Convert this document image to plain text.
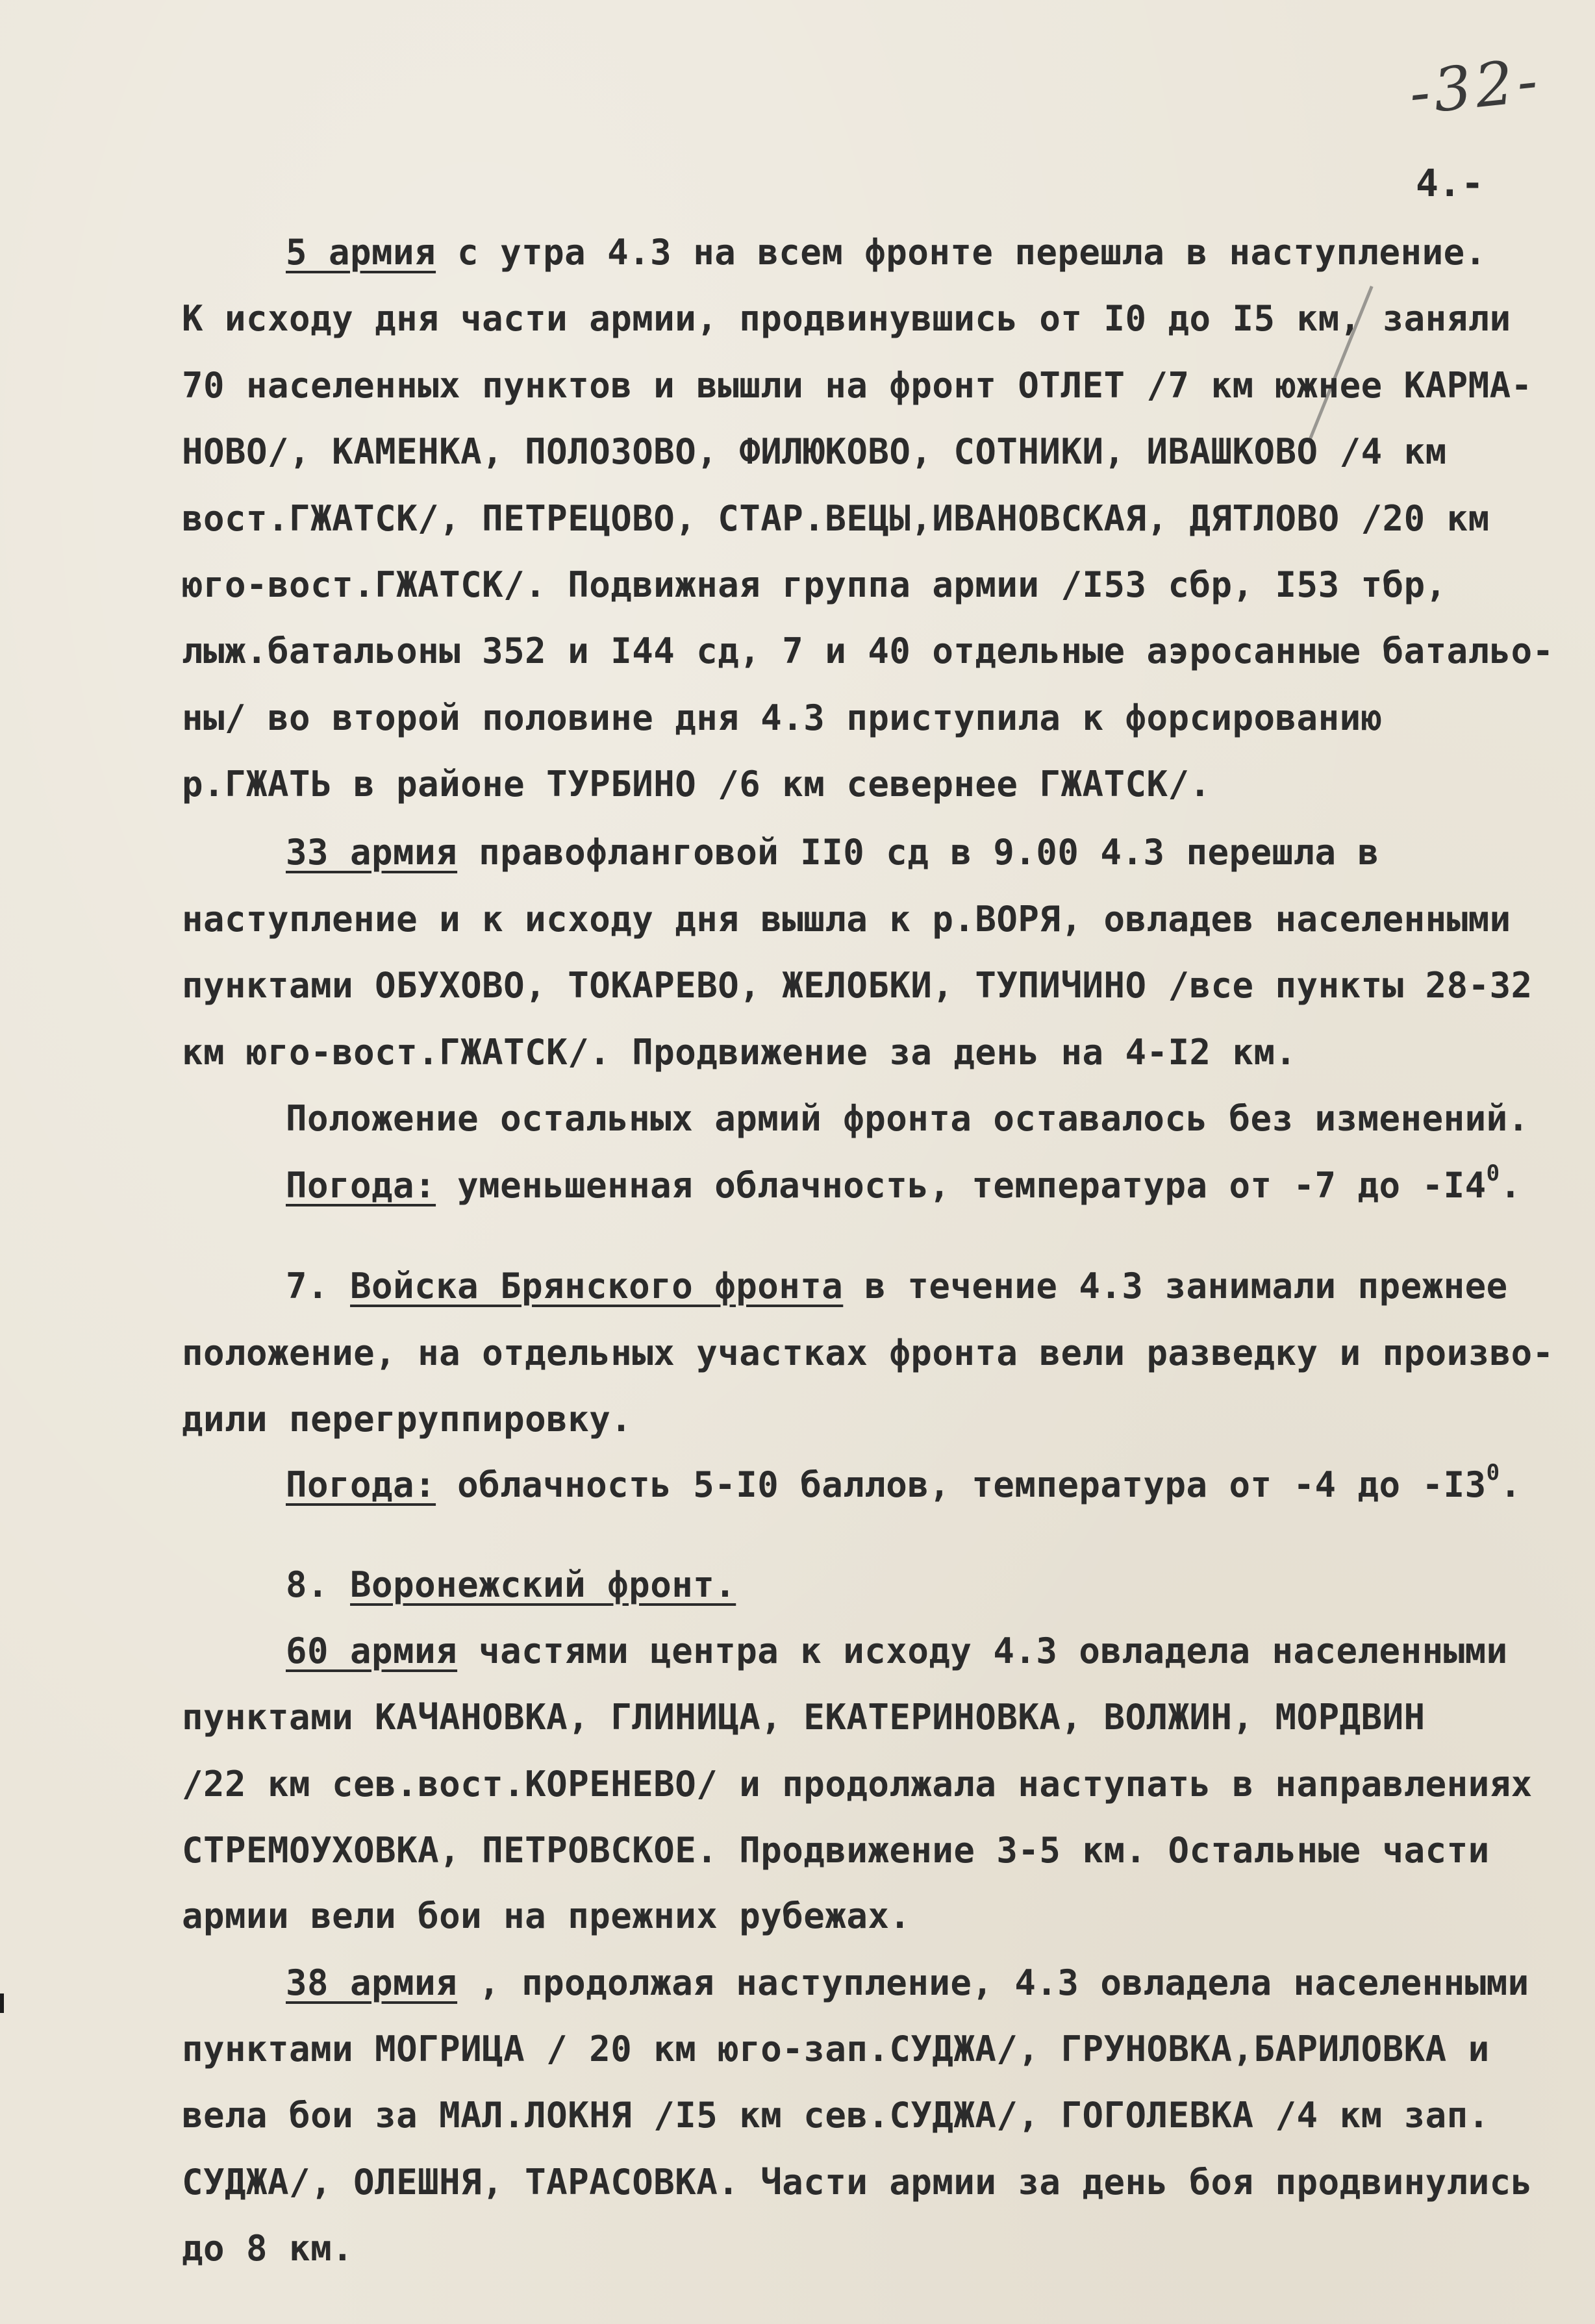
-32-
4.-
5 армия с утра 4.3 на всем фронте перешла в наступление.
К исходу дня части армии, продвинувшись от I0 до I5 км, заняли
70 населенных пунктов и вышли на фронт ОТЛЕТ /7 км южнее КАРМА-
НОВО/, КАМЕНКА, ПОЛОЗОВО, ФИЛЮКОВО, СОТНИКИ, ИВАШКОВО /4 км
вост.ГЖАТСК/, ПЕТРЕЦОВО, СТАР.ВЕЦЫ,ИВАНОВСКАЯ, ДЯТЛОВО /20 км
юго-вост.ГЖАТСК/. Подвижная группа армии /I53 сбр, I53 тбр,
лыж.батальоны 352 и I44 сд, 7 и 40 отдельные аэросанные батальо-
ны/ во второй половине дня 4.3 приступила к форсированию
р.ГЖАТЬ в районе ТУРБИНО /6 км севернее ГЖАТСК/.
33 армия правофланговой II0 сд в 9.00 4.3 перешла в
наступление и к исходу дня вышла к р.ВОРЯ, овладев населенными
пунктами ОБУХОВО, ТОКАРЕВО, ЖЕЛОБКИ, ТУПИЧИНО /все пункты 28-32
км юго-вост.ГЖАТСК/. Продвижение за день на 4-I2 км.
Положение остальных армий фронта оставалось без изменений.
Погода: уменьшенная облачность, температура от -7 до $-I4^0$.
7. Войска Брянского фронта в течение 4.3 занимали прежнее
положение, на отдельных участках фронта вели разведку и произво-
дили перегруппировку.
Погода: облачность 5-I0 баллов, температура от -4 до $-I3^0$.
8. Воронежский фронт.
60 армия частями центра к исходу 4.3 овладела населенными
пунктами КАЧАНОВКА, ГЛИНИЦА, ЕКАТЕРИНОВКА, ВОЛЖИН, МОРДВИН
/22 км сев.вост.КОРЕНЕВО/ и продолжала наступать в направлениях
СТРЕМОУХОВКА, ПЕТРОВСКОЕ. Продвижение 3-5 км. Остальные части
армии вели бои на прежних рубежах.
38 армия , продолжая наступление, 4.3 овладела населенными
пунктами МОГРИЦА / 20 км юго-зап.СУДЖА/, ГРУНОВКА,БАРИЛОВКА и
вела бои за МАЛ.ЛОКНЯ /I5 км сев.СУДЖА/, ГОГОЛЕВКА /4 км зап.
СУДЖА/, ОЛЕШНЯ, ТАРАСОВКА. Части армии за день боя продвинулись
до 8 км.
